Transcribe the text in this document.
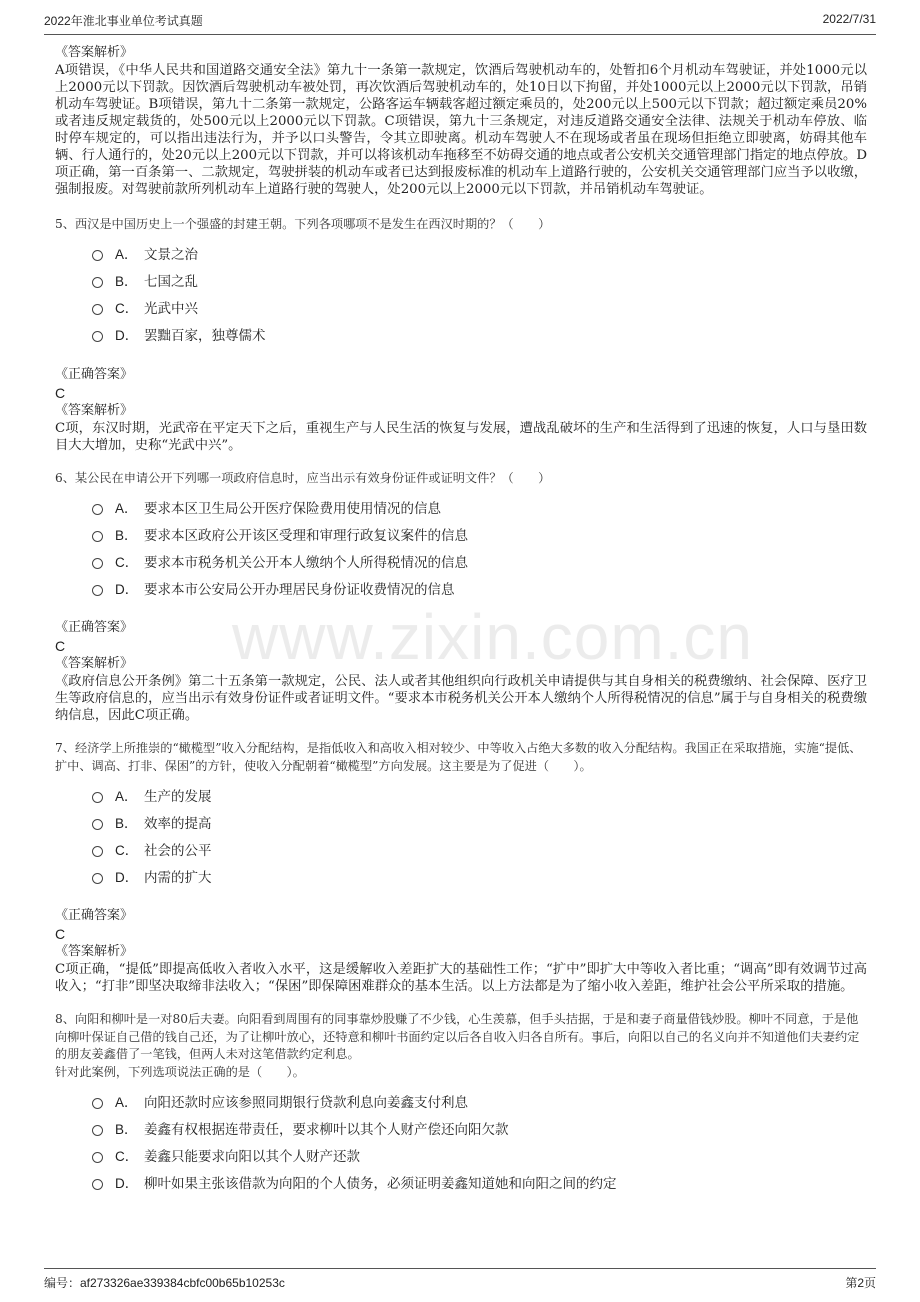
2022年淮北事业单位考试真题	2022/7/31
www.zixin.com.cn
《答案解析》
A项错误，《中华人民共和国道路交通安全法》第九十一条第一款规定，饮酒后驾驶机动车的，处暂扣6个月机动车驾驶证，并处1000元以上2000元以下罚款。因饮酒后驾驶机动车被处罚，再次饮酒后驾驶机动车的，处10日以下拘留，并处1000元以上2000元以下罚款，吊销机动车驾驶证。B项错误，第九十二条第一款规定，公路客运车辆载客超过额定乘员的，处200元以上500元以下罚款；超过额定乘员20%或者违反规定载货的，处500元以上2000元以下罚款。C项错误，第九十三条规定，对违反道路交通安全法律、法规关于机动车停放、临时停车规定的，可以指出违法行为，并予以口头警告，令其立即驶离。机动车驾驶人不在现场或者虽在现场但拒绝立即驶离，妨碍其他车辆、行人通行的，处20元以上200元以下罚款，并可以将该机动车拖移至不妨碍交通的地点或者公安机关交通管理部门指定的地点停放。D项正确，第一百条第一、二款规定，驾驶拼装的机动车或者已达到报废标准的机动车上道路行驶的，公安机关交通管理部门应当予以收缴，强制报废。对驾驶前款所列机动车上道路行驶的驾驶人，处200元以上2000元以下罚款，并吊销机动车驾驶证。
5、西汉是中国历史上一个强盛的封建王朝。下列各项哪项不是发生在西汉时期的？（　　）
A． 文景之治
B． 七国之乱
C． 光武中兴
D． 罢黜百家，独尊儒术
《正确答案》
C
《答案解析》
C项，东汉时期，光武帝在平定天下之后，重视生产与人民生活的恢复与发展，遭战乱破坏的生产和生活得到了迅速的恢复，人口与垦田数目大大增加，史称“光武中兴”。
6、某公民在申请公开下列哪一项政府信息时，应当出示有效身份证件或证明文件？（　　）
A． 要求本区卫生局公开医疗保险费用使用情况的信息
B． 要求本区政府公开该区受理和审理行政复议案件的信息
C． 要求本市税务机关公开本人缴纳个人所得税情况的信息
D． 要求本市公安局公开办理居民身份证收费情况的信息
《正确答案》
C
《答案解析》
《政府信息公开条例》第二十五条第一款规定，公民、法人或者其他组织向行政机关申请提供与其自身相关的税费缴纳、社会保障、医疗卫生等政府信息的，应当出示有效身份证件或者证明文件。“要求本市税务机关公开本人缴纳个人所得税情况的信息”属于与自身相关的税费缴纳信息，因此C项正确。
7、经济学上所推崇的“橄榄型”收入分配结构，是指低收入和高收入相对较少、中等收入占绝大多数的收入分配结构。我国正在采取措施，实施“提低、扩中、调高、打非、保困”的方针，使收入分配朝着“橄榄型”方向发展。这主要是为了促进（　　）。
A． 生产的发展
B． 效率的提高
C． 社会的公平
D． 内需的扩大
《正确答案》
C
《答案解析》
C项正确，“提低”即提高低收入者收入水平，这是缓解收入差距扩大的基础性工作；“扩中”即扩大中等收入者比重；“调高”即有效调节过高收入；“打非”即坚决取缔非法收入；“保困”即保障困难群众的基本生活。以上方法都是为了缩小收入差距，维护社会公平所采取的措施。
8、向阳和柳叶是一对80后夫妻。向阳看到周围有的同事靠炒股赚了不少钱，心生羡慕，但手头拮据，于是和妻子商量借钱炒股。柳叶不同意，于是他向柳叶保证自己借的钱自己还，为了让柳叶放心，还特意和柳叶书面约定以后各自收入归各自所有。事后，向阳以自己的名义向并不知道他们夫妻约定的朋友姜鑫借了一笔钱，但两人未对这笔借款约定利息。
针对此案例，下列选项说法正确的是（　　）。
A． 向阳还款时应该参照同期银行贷款利息向姜鑫支付利息
B． 姜鑫有权根据连带责任，要求柳叶以其个人财产偿还向阳欠款
C． 姜鑫只能要求向阳以其个人财产还款
D． 柳叶如果主张该借款为向阳的个人债务，必须证明姜鑫知道她和向阳之间的约定
编号：af273326ae339384cbfc00b65b10253c	第2页
